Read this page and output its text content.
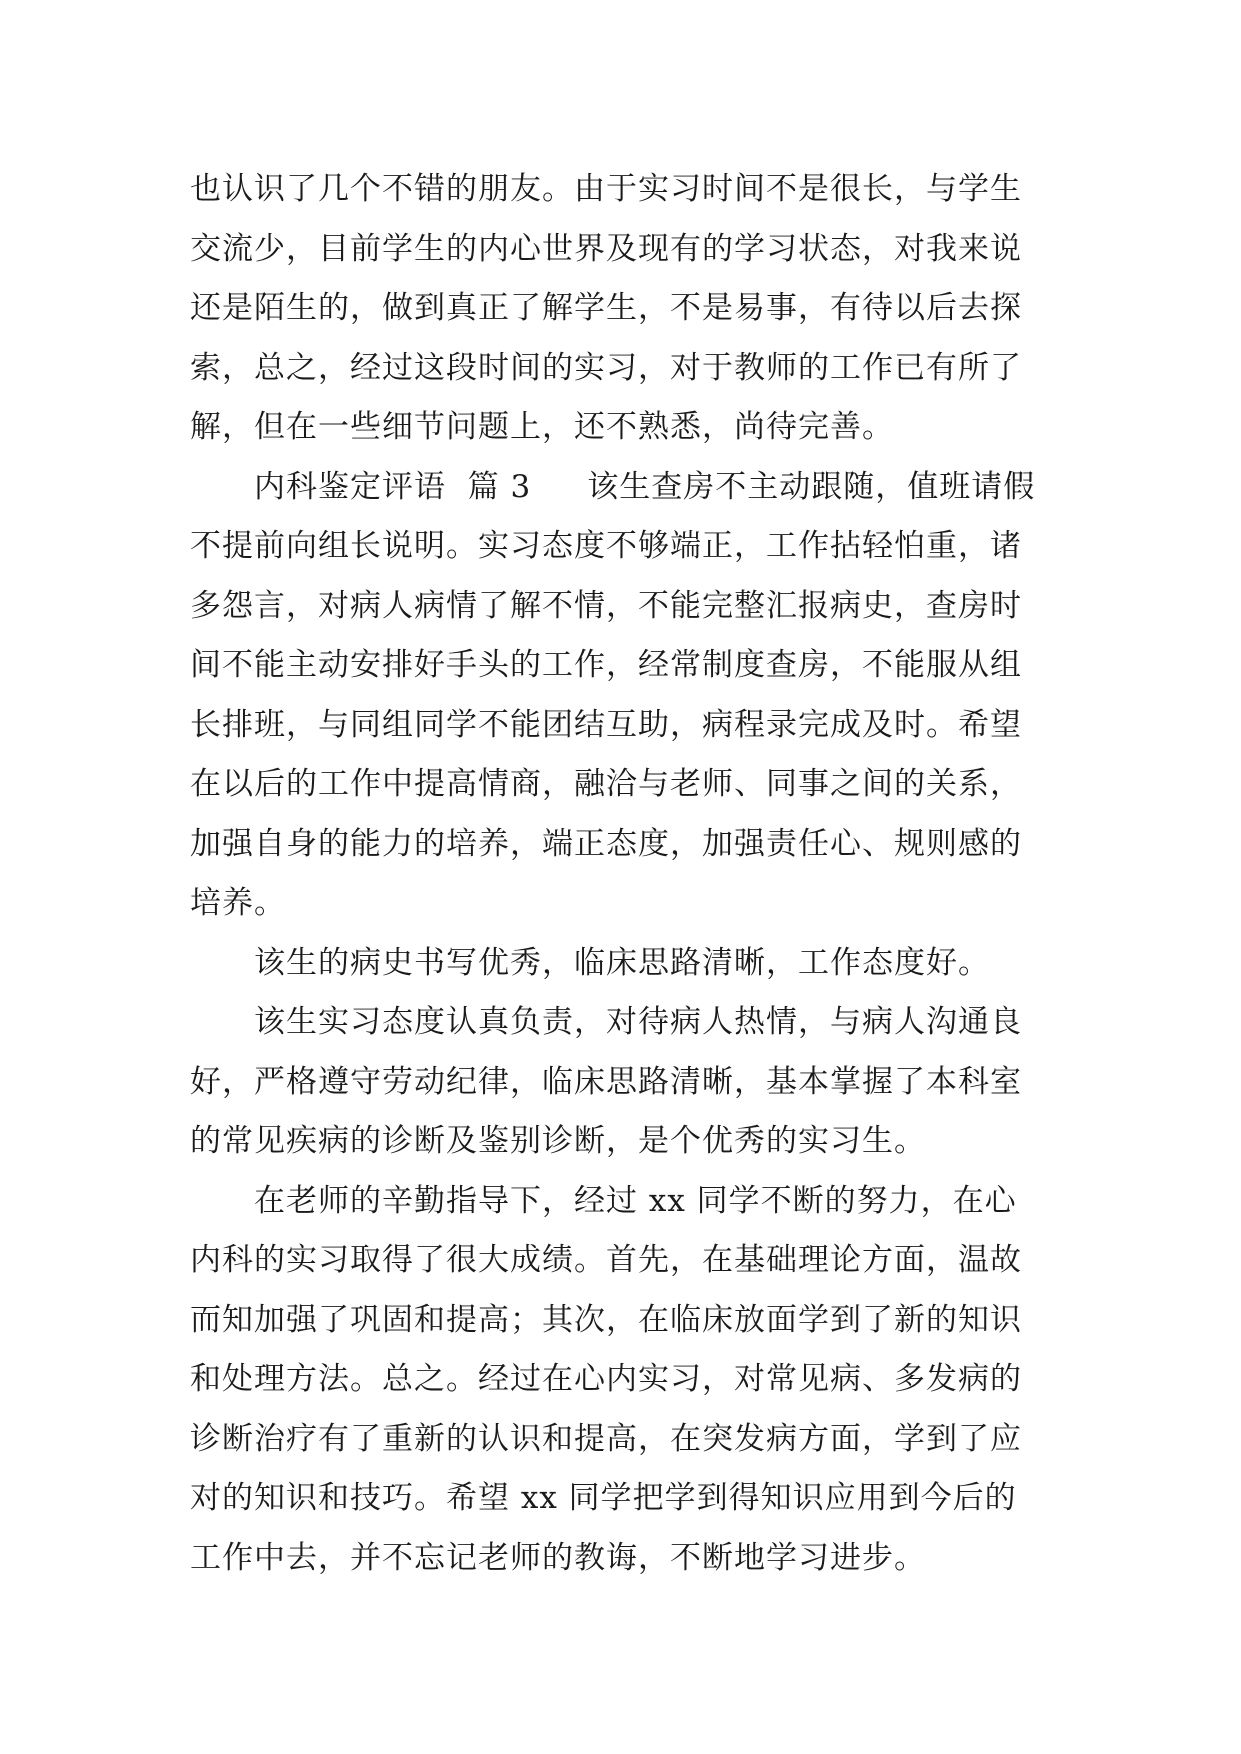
也认识了几个不错的朋友。由于实习时间不是很长，与学生
交流少，目前学生的内心世界及现有的学习状态，对我来说
还是陌生的，做到真正了解学生，不是易事，有待以后去探
索，总之，经过这段时间的实习，对于教师的工作已有所了
解，但在一些细节问题上，还不熟悉，尚待完善。
内科鉴定评语  篇 3 该生查房不主动跟随，值班请假
不提前向组长说明。实习态度不够端正，工作拈轻怕重，诸
多怨言，对病人病情了解不情，不能完整汇报病史，查房时
间不能主动安排好手头的工作，经常制度查房，不能服从组
长排班，与同组同学不能团结互助，病程录完成及时。希望
在以后的工作中提高情商，融洽与老师、同事之间的关系，
加强自身的能力的培养，端正态度，加强责任心、规则感的
培养。
该生的病史书写优秀，临床思路清晰，工作态度好。
该生实习态度认真负责，对待病人热情，与病人沟通良
好，严格遵守劳动纪律，临床思路清晰，基本掌握了本科室
的常见疾病的诊断及鉴别诊断，是个优秀的实习生。
在老师的辛勤指导下，经过 xx 同学不断的努力，在心
内科的实习取得了很大成绩。首先，在基础理论方面，温故
而知加强了巩固和提高；其次，在临床放面学到了新的知识
和处理方法。总之。经过在心内实习，对常见病、多发病的
诊断治疗有了重新的认识和提高，在突发病方面，学到了应
对的知识和技巧。希望 xx 同学把学到得知识应用到今后的
工作中去，并不忘记老师的教诲，不断地学习进步。
